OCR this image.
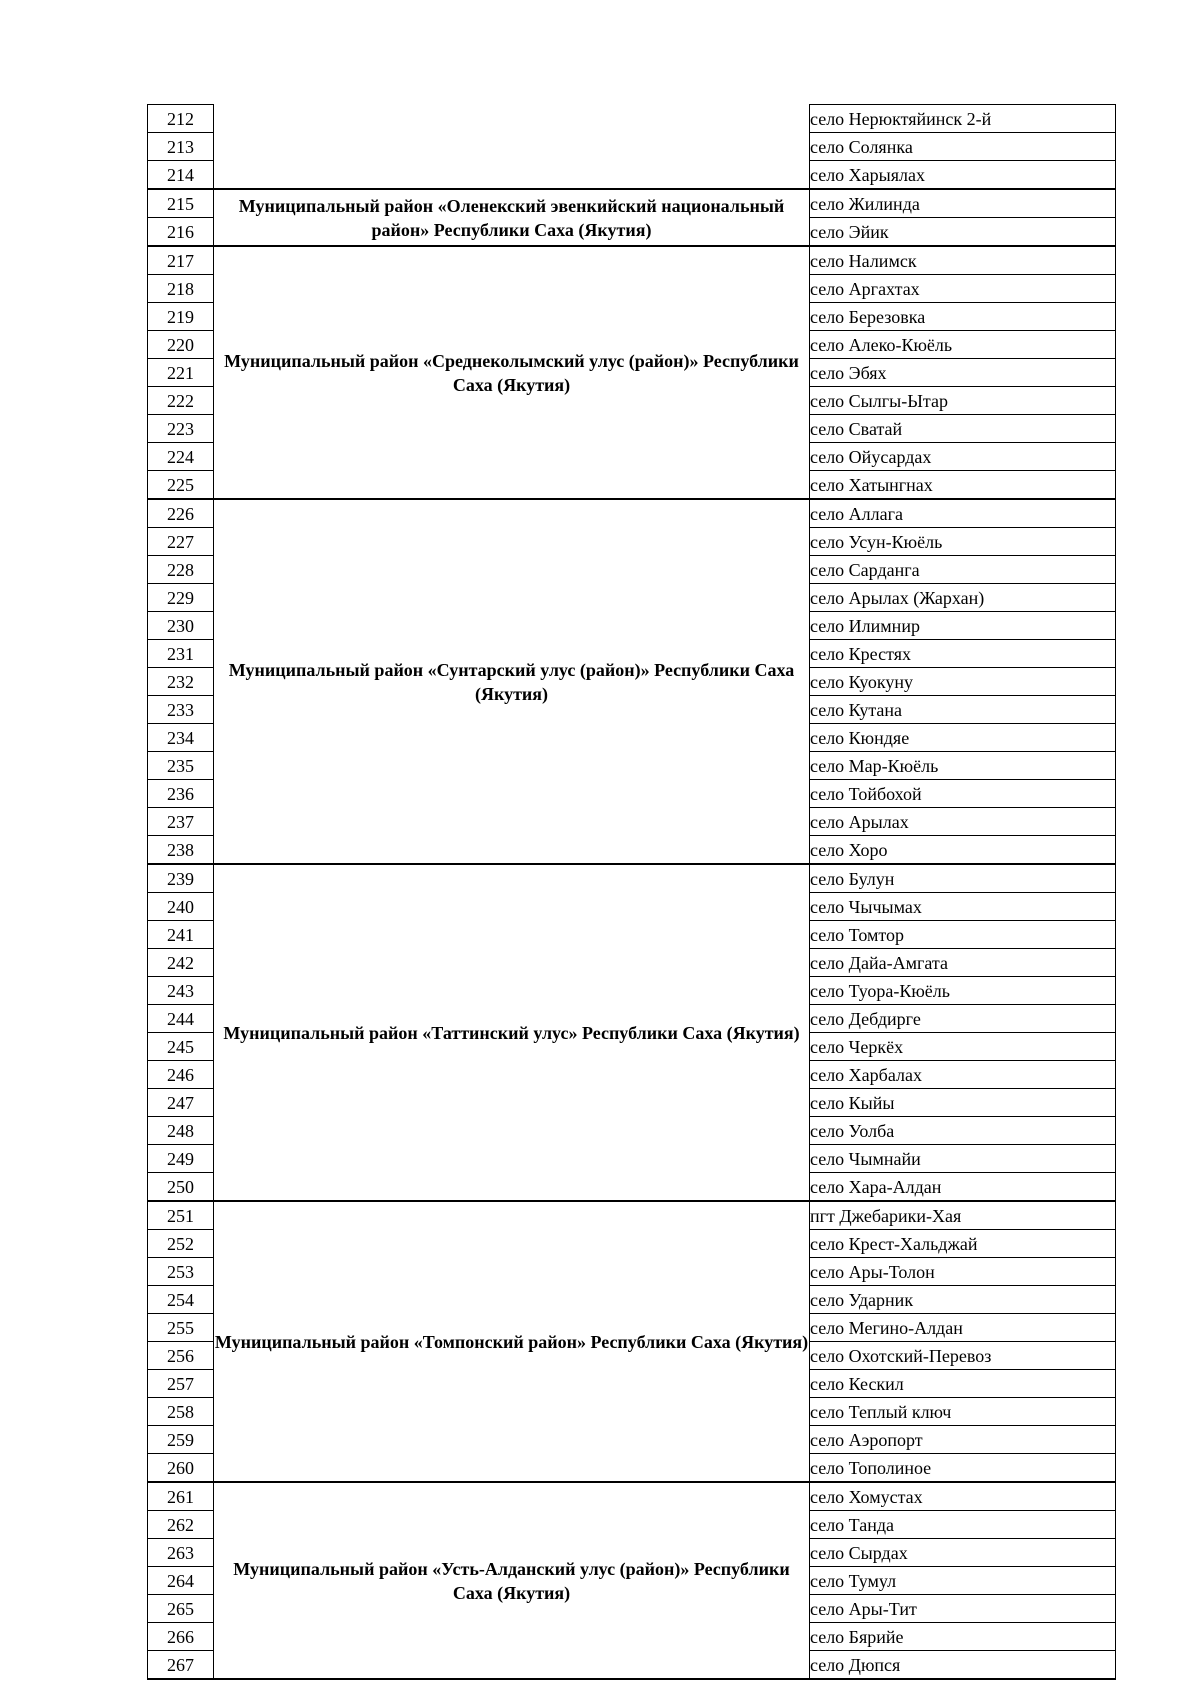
212		село Нерюктяйинск 2-й
213		село Солянка
214		село Харыялах
215	Муниципальный район «Оленекский эвенкийский национальный район» Республики Саха (Якутия)	село Жилинда
216		село Эйик
217	Муниципальный район «Среднеколымский улус (район)» Республики Саха (Якутия)	село Налимск
218		село Аргахтах
219		село Березовка
220		село Алеко-Кюёль
221		село Эбях
222		село Сылгы-Ытар
223		село Сватай
224		село Ойусардах
225		село Хатынгнах
226	Муниципальный район «Сунтарский улус (район)» Республики Саха (Якутия)	село Аллага
227		село Усун-Кюёль
228		село Сарданга
229		село Арылах (Жархан)
230		село Илимнир
231		село Крестях
232		село Куокуну
233		село Кутана
234		село Кюндяе
235		село Мар-Кюёль
236		село Тойбохой
237		село Арылах
238		село Хоро
239	Муниципальный район «Таттинский улус» Республики Саха (Якутия)	село Булун
240		село Чычымах
241		село Томтор
242		село Дайа-Амгата
243		село Туора-Кюёль
244		село Дебдирге
245		село Черкёх
246		село Харбалах
247		село Кыйы
248		село Уолба
249		село Чымнайи
250		село Хара-Алдан
251	Муниципальный район «Томпонский район» Республики Саха (Якутия)	пгт Джебарики-Хая
252		село Крест-Хальджай
253		село Ары-Толон
254		село Ударник
255		село Мегино-Алдан
256		село Охотский-Перевоз
257		село Кескил
258		село Теплый ключ
259		село Аэропорт
260		село Тополиное
261	Муниципальный район «Усть-Алданский улус (район)» Республики Саха (Якутия)	село Хомустах
262		село Танда
263		село Сырдах
264		село Тумул
265		село Ары-Тит
266		село Бярийе
267		село Дюпся
